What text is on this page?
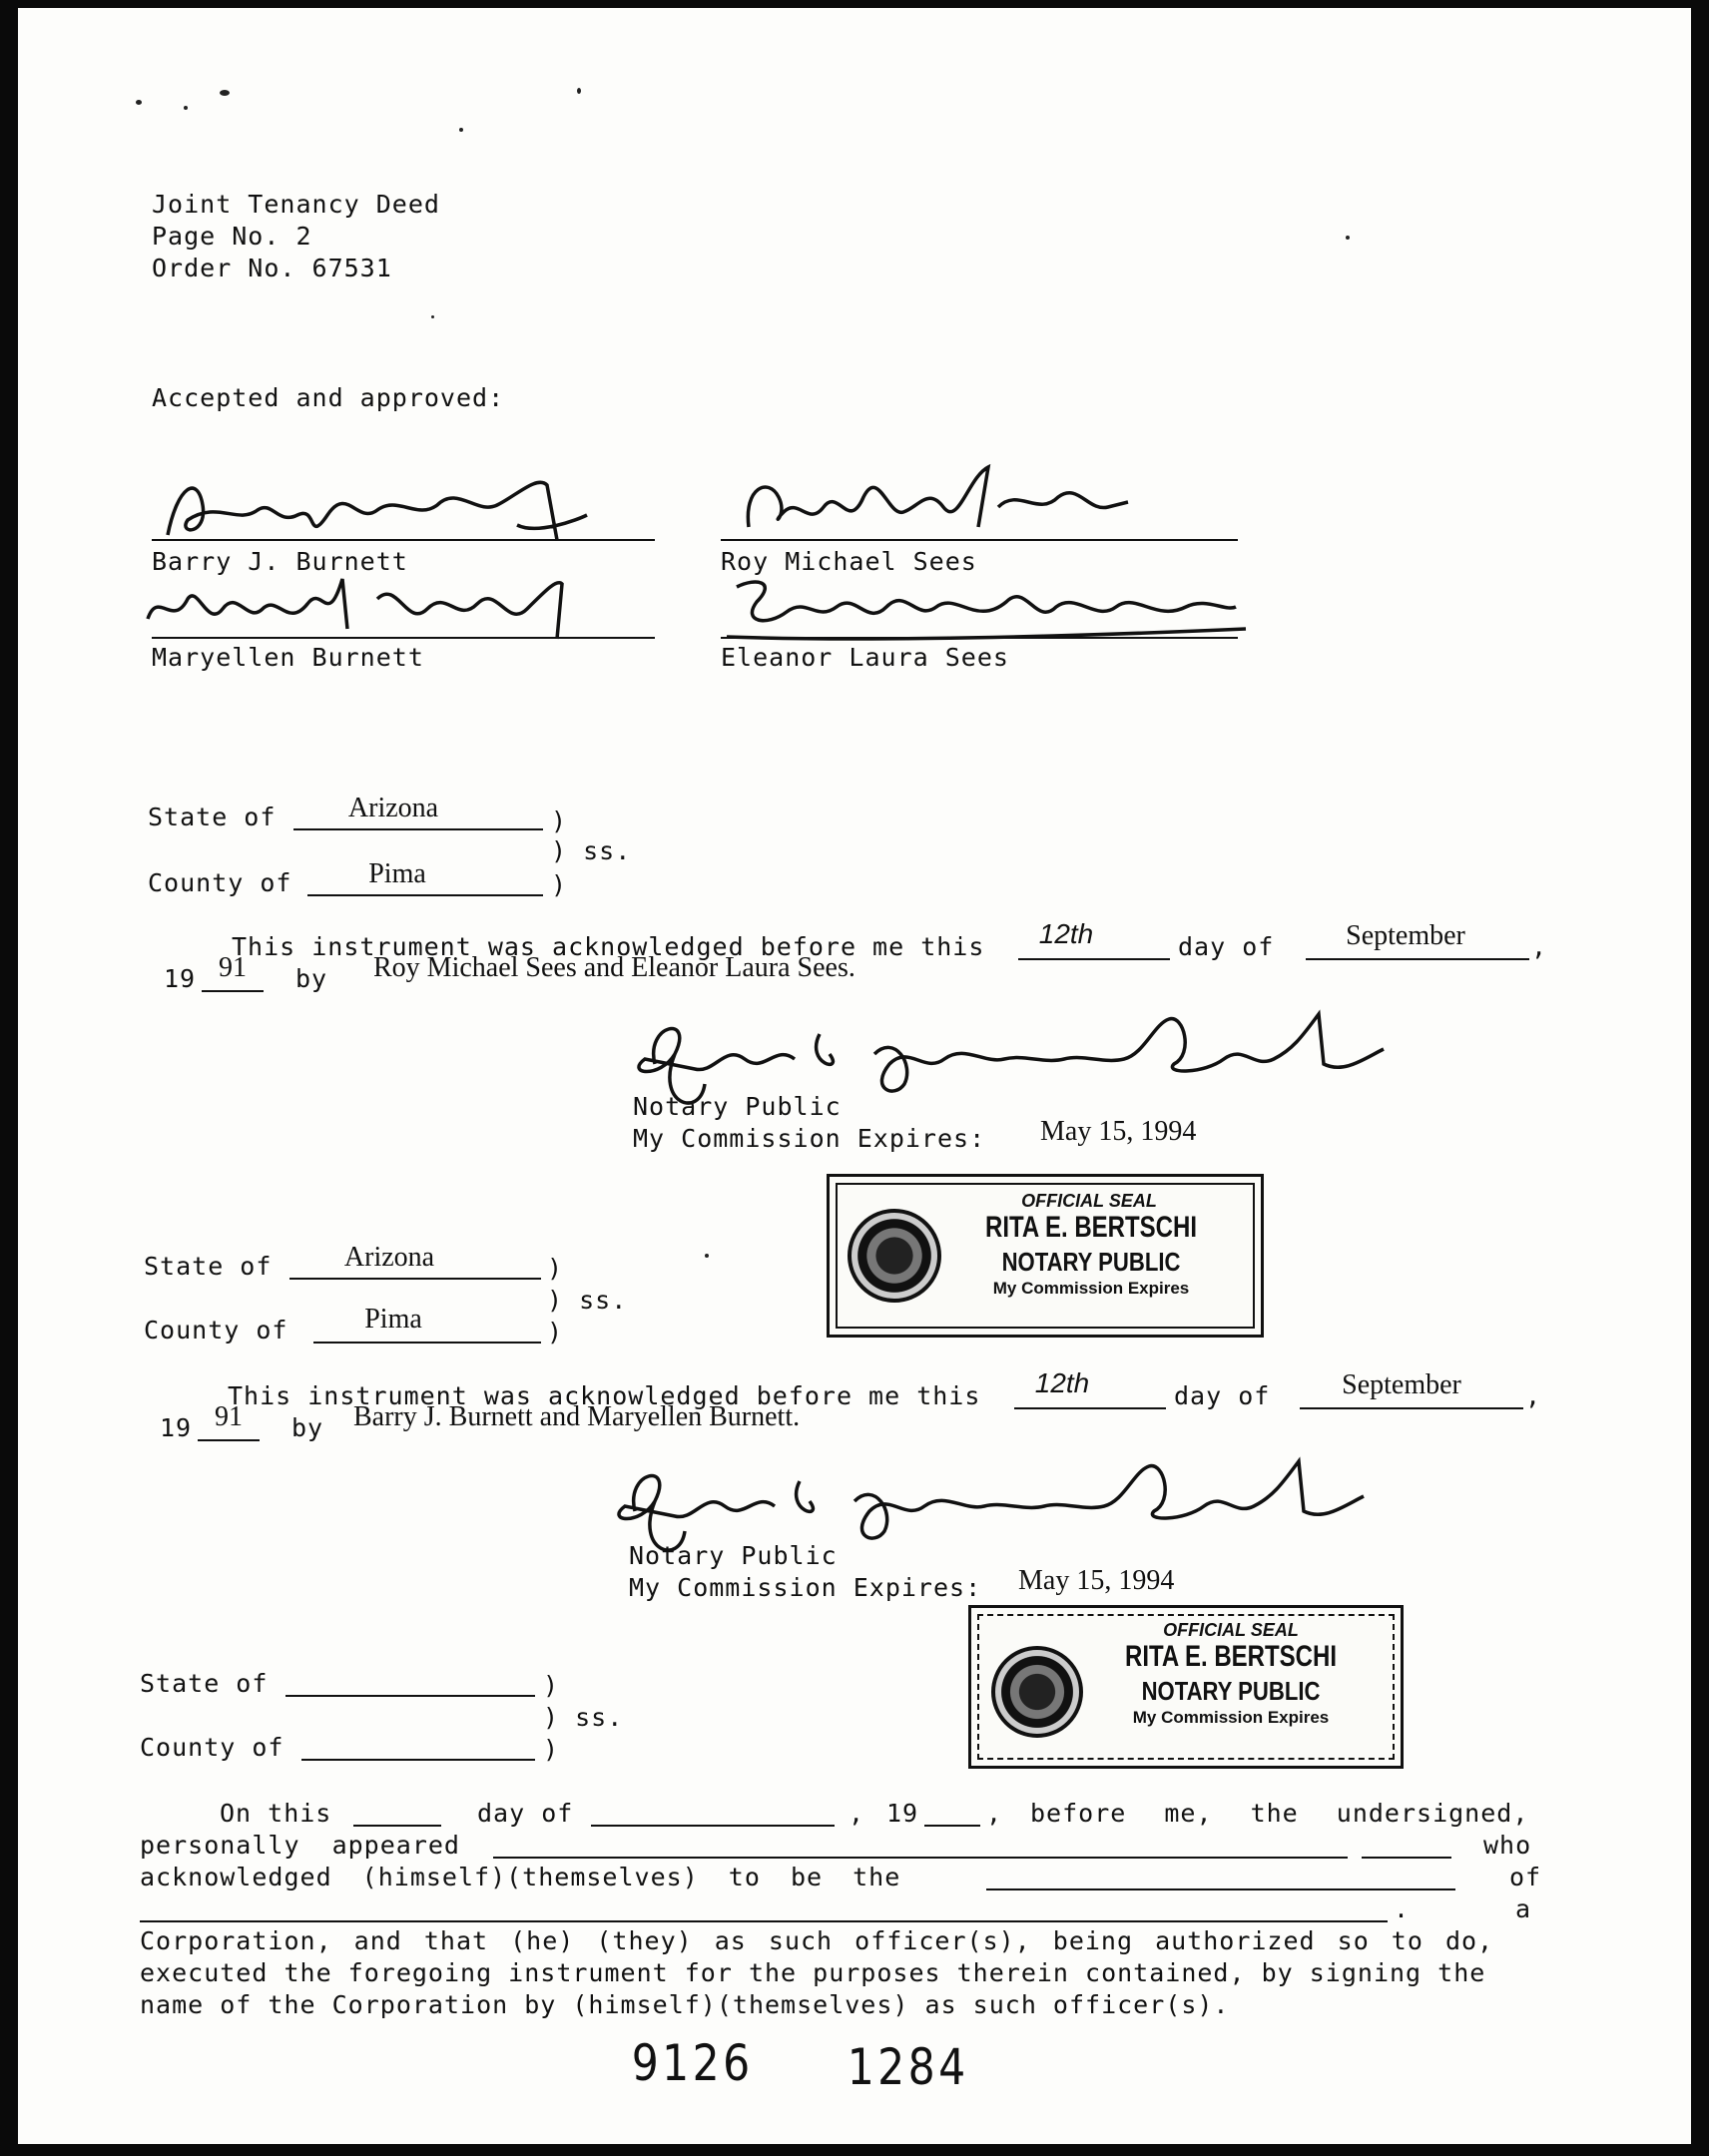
Joint Tenancy Deed
Page No. 2
Order No. 67531
Accepted and approved:
Barry J. Burnett	Roy Michael Sees
Maryellen Burnett	Eleanor Laura Sees
State of	Arizona	)
) ss.
County of	Pima	)
This instrument was acknowledged before me this	12th	day of	September	,
19 91	by Roy Michael Sees and Eleanor Laura Sees.
Notary Public
My Commission Expires: May 15, 1994
OFFICIAL SEAL
RITA E. BERTSCHI
NOTARY PUBLIC
My Commission Expires
State of	Arizona	)
) ss.
County of	Pima	)
This instrument was acknowledged before me this	12th	day of	September	,
19 91	by Barry J. Burnett and Maryellen Burnett.
Notary Public
My Commission Expires: May 15, 1994
OFFICIAL SEAL
RITA E. BERTSCHI
NOTARY PUBLIC
My Commission Expires
State of	)
) ss.
County of	)
On this	day of	, 19	, before me, the undersigned,
personally appeared	who
acknowledged (himself)(themselves) to be the	of
.	a
Corporation, and that (he) (they) as such officer(s), being authorized so to do,
executed the foregoing instrument for the purposes therein contained, by signing the
name of the Corporation by (himself)(themselves) as such officer(s).
9126 1284
